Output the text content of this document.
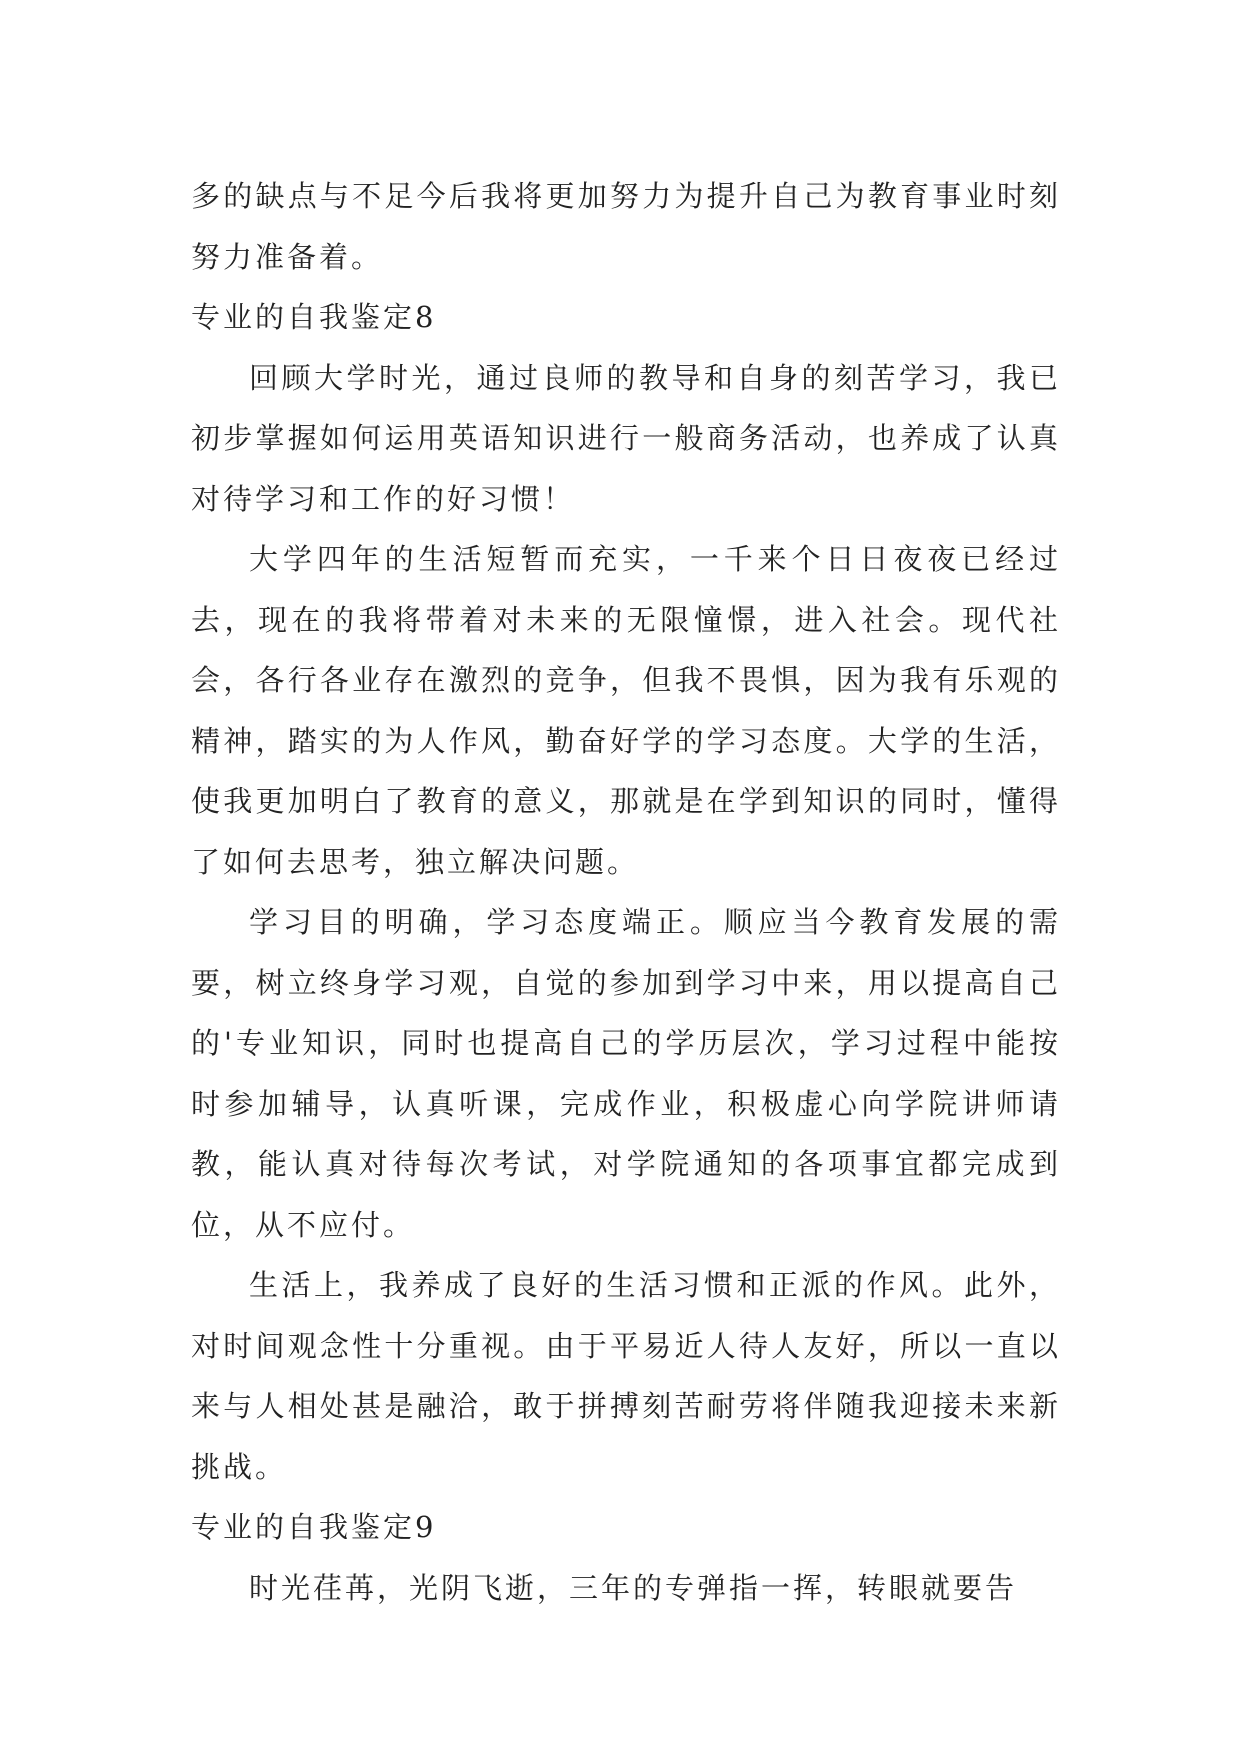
多的缺点与不足今后我将更加努力为提升自己为教育事业时刻努力准备着。

专业的自我鉴定8

回顾大学时光，通过良师的教导和自身的刻苦学习，我已初步掌握如何运用英语知识进行一般商务活动，也养成了认真对待学习和工作的好习惯！

大学四年的生活短暂而充实，一千来个日日夜夜已经过去，现在的我将带着对未来的无限憧憬，进入社会。现代社会，各行各业存在激烈的竞争，但我不畏惧，因为我有乐观的精神，踏实的为人作风，勤奋好学的学习态度。大学的生活，使我更加明白了教育的意义，那就是在学到知识的同时，懂得了如何去思考，独立解决问题。

学习目的明确，学习态度端正。顺应当今教育发展的需要，树立终身学习观，自觉的参加到学习中来，用以提高自己的'专业知识，同时也提高自己的学历层次，学习过程中能按时参加辅导，认真听课，完成作业，积极虚心向学院讲师请教，能认真对待每次考试，对学院通知的各项事宜都完成到位，从不应付。

生活上，我养成了良好的生活习惯和正派的作风。此外，对时间观念性十分重视。由于平易近人待人友好，所以一直以来与人相处甚是融洽，敢于拼搏刻苦耐劳将伴随我迎接未来新挑战。

专业的自我鉴定9

时光荏苒，光阴飞逝，三年的专弹指一挥，转眼就要告
